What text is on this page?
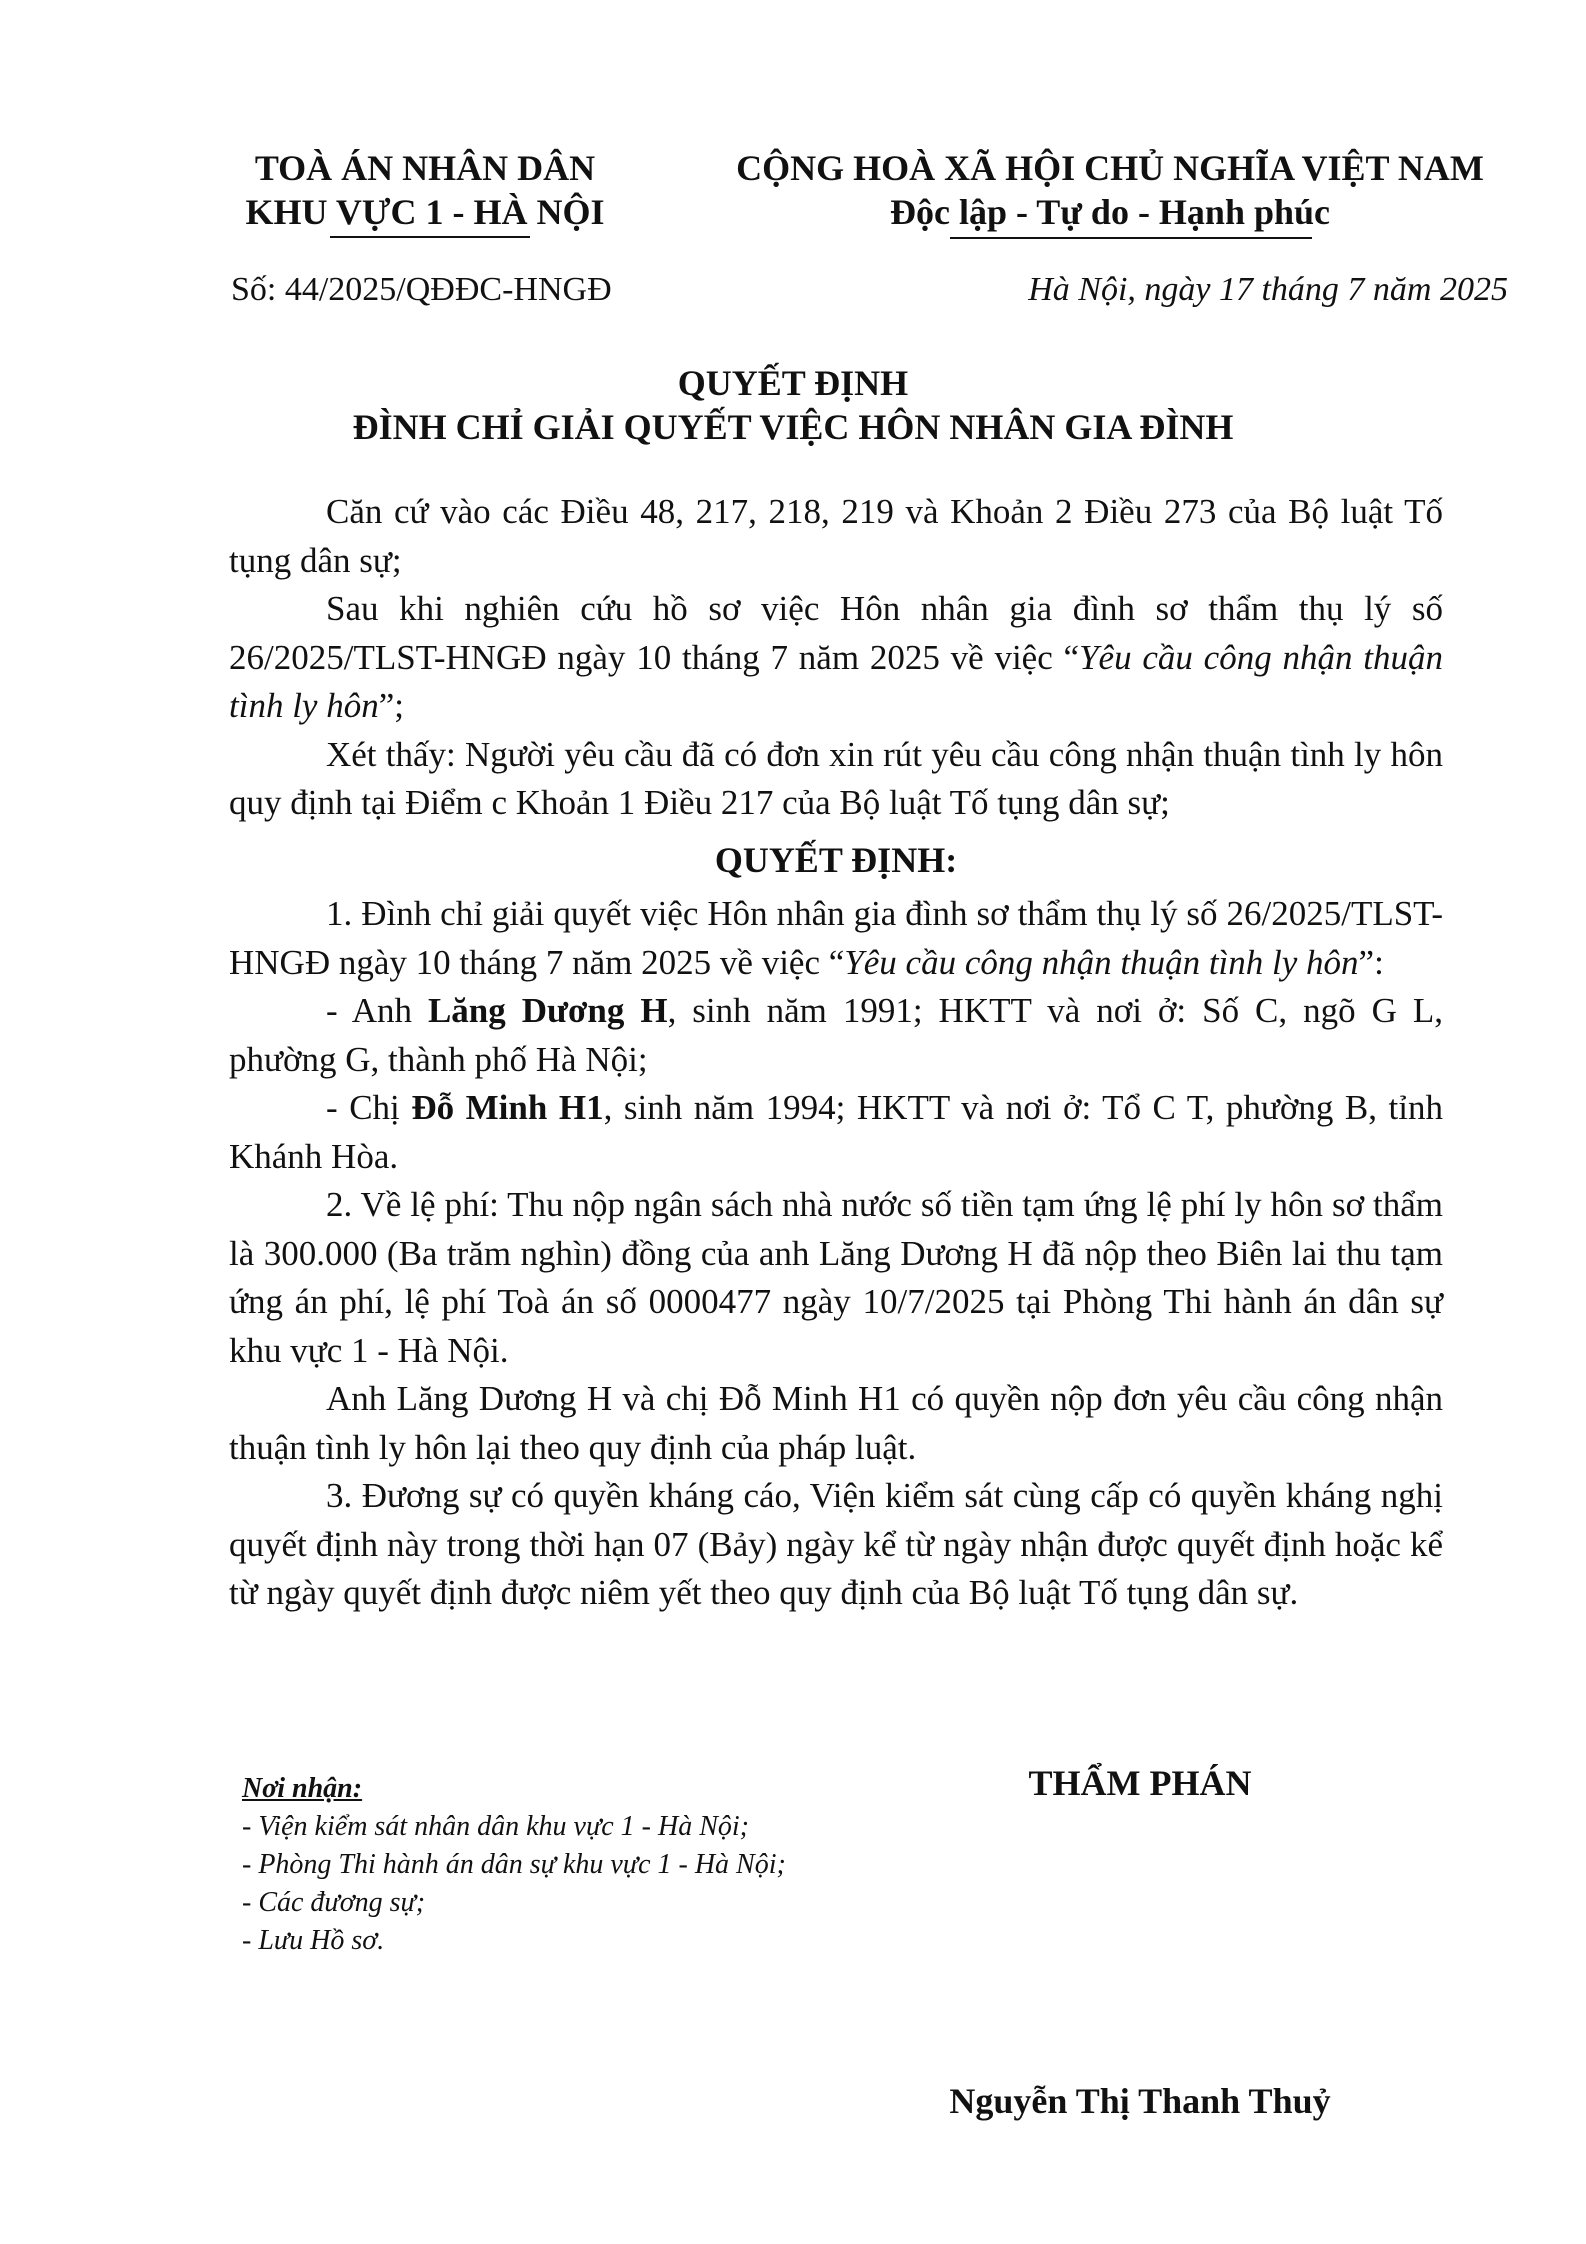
TOÀ ÁN NHÂN DÂN
KHU VỰC 1 - HÀ NỘI
CỘNG HOÀ XÃ HỘI CHỦ NGHĨA VIỆT NAM
Độc lập - Tự do - Hạnh phúc
Số: 44/2025/QĐĐC-HNGĐ	Hà Nội, ngày 17 tháng 7 năm 2025
QUYẾT ĐỊNH
ĐÌNH CHỈ GIẢI QUYẾT VIỆC HÔN NHÂN GIA ĐÌNH

Căn cứ vào các Điều 48, 217, 218, 219 và Khoản 2 Điều 273 của Bộ luật Tố tụng dân sự;

Sau khi nghiên cứu hồ sơ việc Hôn nhân gia đình sơ thẩm thụ lý số 26/2025/TLST-HNGĐ ngày 10 tháng 7 năm 2025 về việc “Yêu cầu công nhận thuận tình ly hôn”;

Xét thấy: Người yêu cầu đã có đơn xin rút yêu cầu công nhận thuận tình ly hôn quy định tại Điểm c Khoản 1 Điều 217 của Bộ luật Tố tụng dân sự;

QUYẾT ĐỊNH:

1. Đình chỉ giải quyết việc Hôn nhân gia đình sơ thẩm thụ lý số 26/2025/TLST-HNGĐ ngày 10 tháng 7 năm 2025 về việc “Yêu cầu công nhận thuận tình ly hôn”:

- Anh Lăng Dương H, sinh năm 1991; HKTT và nơi ở: Số C, ngõ G L, phường G, thành phố Hà Nội;

- Chị Đỗ Minh H1, sinh năm 1994; HKTT và nơi ở: Tổ C T, phường B, tỉnh Khánh Hòa.

2. Về lệ phí: Thu nộp ngân sách nhà nước số tiền tạm ứng lệ phí ly hôn sơ thẩm là 300.000 (Ba trăm nghìn) đồng của anh Lăng Dương H đã nộp theo Biên lai thu tạm ứng án phí, lệ phí Toà án số 0000477 ngày 10/7/2025 tại Phòng Thi hành án dân sự khu vực 1 - Hà Nội.

Anh Lăng Dương H và chị Đỗ Minh H1 có quyền nộp đơn yêu cầu công nhận thuận tình ly hôn lại theo quy định của pháp luật.

3. Đương sự có quyền kháng cáo, Viện kiểm sát cùng cấp có quyền kháng nghị quyết định này trong thời hạn 07 (Bảy) ngày kể từ ngày nhận được quyết định hoặc kể từ ngày quyết định được niêm yết theo quy định của Bộ luật Tố tụng dân sự.

Nơi nhận:
- Viện kiểm sát nhân dân khu vực 1 - Hà Nội;
- Phòng Thi hành án dân sự khu vực 1 - Hà Nội;
- Các đương sự;
- Lưu Hồ sơ.
THẨM PHÁN
Nguyễn Thị Thanh Thuỷ
